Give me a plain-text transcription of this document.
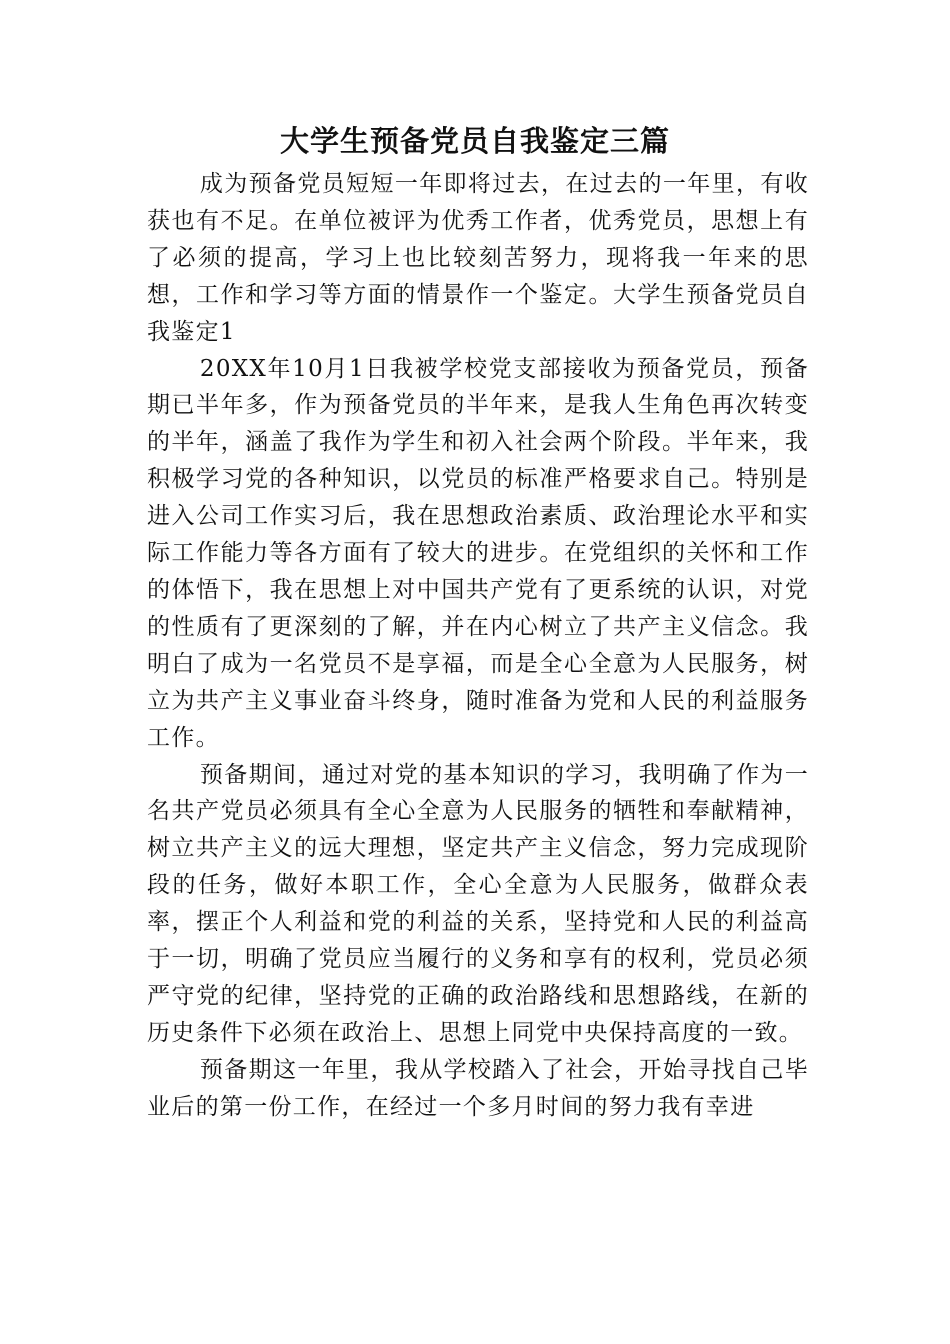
大学生预备党员自我鉴定三篇

成为预备党员短短一年即将过去，在过去的一年里，有收获也有不足。在单位被评为优秀工作者，优秀党员，思想上有了必须的提高，学习上也比较刻苦努力，现将我一年来的思想，工作和学习等方面的情景作一个鉴定。大学生预备党员自我鉴定1

20XX年10月1日我被学校党支部接收为预备党员，预备期已半年多，作为预备党员的半年来，是我人生角色再次转变的半年，涵盖了我作为学生和初入社会两个阶段。半年来，我积极学习党的各种知识，以党员的标准严格要求自己。特别是进入公司工作实习后，我在思想政治素质、政治理论水平和实际工作能力等各方面有了较大的进步。在党组织的关怀和工作的体悟下，我在思想上对中国共产党有了更系统的认识，对党的性质有了更深刻的了解，并在内心树立了共产主义信念。我明白了成为一名党员不是享福，而是全心全意为人民服务，树立为共产主义事业奋斗终身，随时准备为党和人民的利益服务工作。

预备期间，通过对党的基本知识的学习，我明确了作为一名共产党员必须具有全心全意为人民服务的牺牲和奉献精神，树立共产主义的远大理想，坚定共产主义信念，努力完成现阶段的任务，做好本职工作，全心全意为人民服务，做群众表率，摆正个人利益和党的利益的关系，坚持党和人民的利益高于一切，明确了党员应当履行的义务和享有的权利，党员必须严守党的纪律，坚持党的正确的政治路线和思想路线，在新的历史条件下必须在政治上、思想上同党中央保持高度的一致。

预备期这一年里，我从学校踏入了社会，开始寻找自己毕业后的第一份工作，在经过一个多月时间的努力我有幸进
